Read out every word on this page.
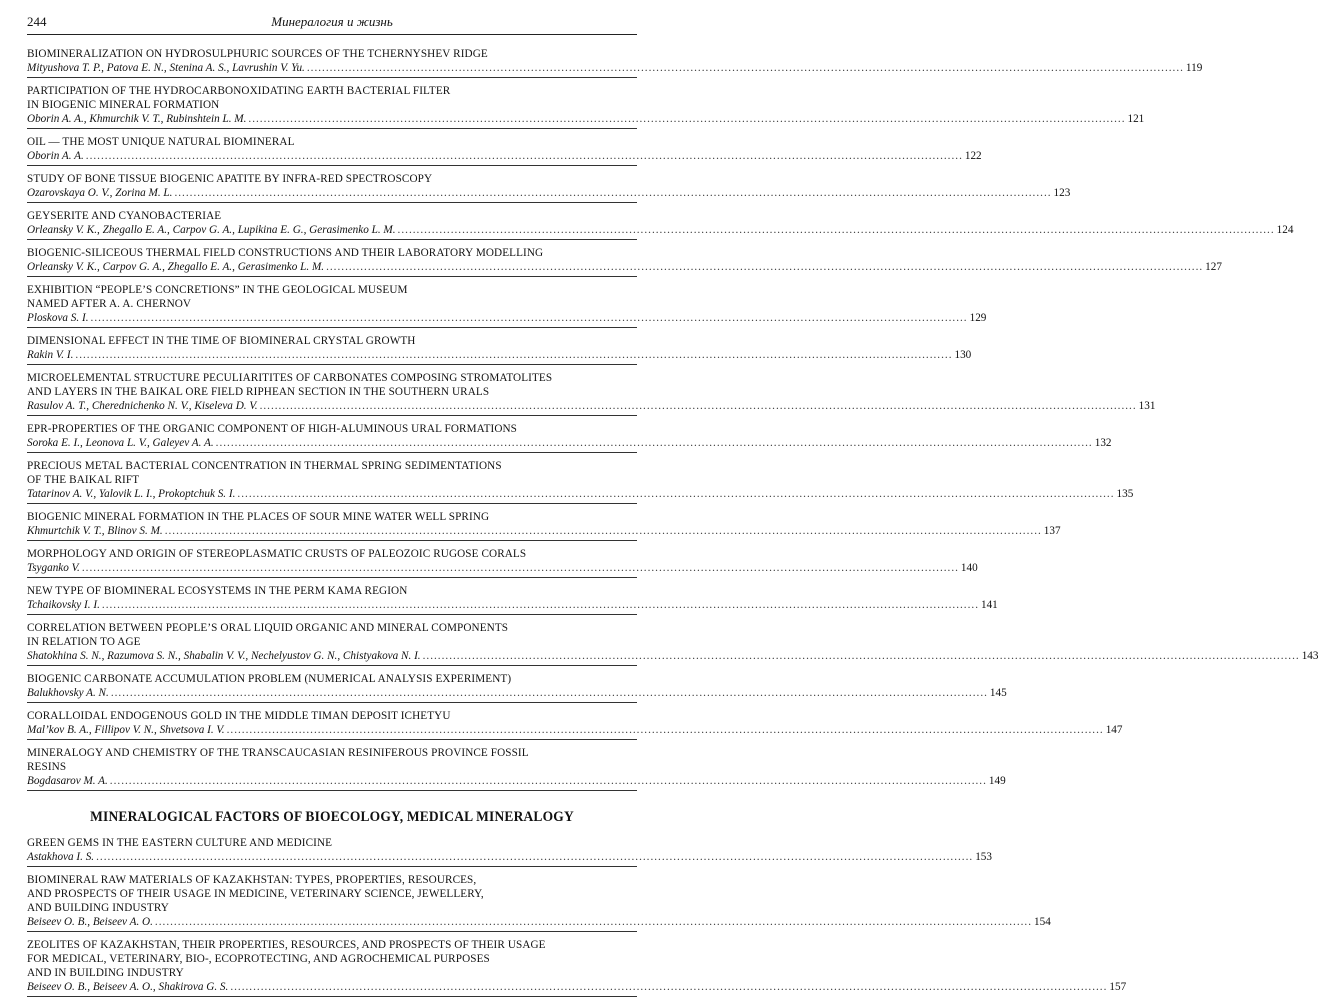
244	Минералогия и жизнь
BIOMINERALIZATION ON HYDROSULPHURIC SOURCES OF THE TCHERNYSHEV RIDGE
Mityushova T. P., Patova E. N., Stenina A. S., Lavrushin V. Yu. .....	119
PARTICIPATION OF THE HYDROCARBONOXIDATING EARTH BACTERIAL FILTER
IN BIOGENIC MINERAL FORMATION
Oborin A. A., Khmurchik V. T., Rubinshtein L. M. .....	121
OIL — THE MOST UNIQUE NATURAL BIOMINERAL
Oborin A. A. .....	122
STUDY OF BONE TISSUE BIOGENIC APATITE BY INFRA-RED SPECTROSCOPY
Ozarovskaya O. V., Zorina M. L. .....	123
GEYSERITE AND CYANOBACTERIAE
Orleansky V. K., Zhegallo E. A., Carpov G. A., Lupikina E. G., Gerasimenko L. M. .....	124
BIOGENIC-SILICEOUS THERMAL FIELD CONSTRUCTIONS AND THEIR LABORATORY MODELLING
Orleansky V. K., Carpov G. A., Zhegallo E. A., Gerasimenko L. M. .....	127
EXHIBITION “PEOPLE’S CONCRETIONS” IN THE GEOLOGICAL MUSEUM
NAMED AFTER A. A. CHERNOV
Ploskova S. I. .....	129
DIMENSIONAL EFFECT IN THE TIME OF BIOMINERAL CRYSTAL GROWTH
Rakin V. I. .....	130
MICROELEMENTAL STRUCTURE PECULIARITITES OF CARBONATES COMPOSING STROMATOLITES
AND LAYERS IN THE BAIKAL ORE FIELD RIPHEAN SECTION IN THE SOUTHERN URALS
Rasulov A. T., Cherednichenko N. V., Kiseleva D. V. .....	131
EPR-PROPERTIES OF THE ORGANIC COMPONENT OF HIGH-ALUMINOUS URAL FORMATIONS
Soroka E. I., Leonova L. V., Galeyev A. A. .....	132
PRECIOUS METAL BACTERIAL CONCENTRATION IN THERMAL SPRING SEDIMENTATIONS
OF THE BAIKAL RIFT
Tatarinov A. V., Yalovik L. I., Prokoptchuk S. I. .....	135
BIOGENIC MINERAL FORMATION IN THE PLACES OF SOUR MINE WATER WELL SPRING
Khmurtchik V. T., Blinov S. M. .....	137
MORPHOLOGY AND ORIGIN OF STEREOPLASMATIC CRUSTS OF PALEOZOIC RUGOSE CORALS
Tsyganko V. .....	140
NEW TYPE OF BIOMINERAL ECOSYSTEMS IN THE PERM KAMA REGION
Tchaikovsky I. I. .....	141
CORRELATION BETWEEN PEOPLE’S ORAL LIQUID ORGANIC AND MINERAL COMPONENTS
IN RELATION TO AGE
Shatokhina S. N., Razumova S. N., Shabalin V. V., Nechelyustov G. N., Chistyakova N. I. .....	143
BIOGENIC CARBONATE ACCUMULATION PROBLEM (NUMERICAL ANALYSIS EXPERIMENT)
Balukhovsky A. N. .....	145
CORALLOIDAL ENDOGENOUS GOLD IN THE MIDDLE TIMAN DEPOSIT ICHETYU
Mal’kov B. A., Fillipov V. N., Shvetsova I. V. .....	147
MINERALOGY AND CHEMISTRY OF THE TRANSCAUCASIAN RESINIFEROUS PROVINCE FOSSIL
RESINS
Bogdasarov M. A. .....	149
MINERALOGICAL FACTORS OF BIOECOLOGY, MEDICAL MINERALOGY
GREEN GEMS IN THE EASTERN CULTURE AND MEDICINE
Astakhova I. S. .....	153
BIOMINERAL RAW MATERIALS OF KAZAKHSTAN: TYPES, PROPERTIES, RESOURCES,
AND PROSPECTS OF THEIR USAGE IN MEDICINE, VETERINARY SCIENCE, JEWELLERY,
AND BUILDING INDUSTRY
Beiseev O. B., Beiseev A. O. .....	154
ZEOLITES OF KAZAKHSTAN, THEIR PROPERTIES, RESOURCES, AND PROSPECTS OF THEIR USAGE
FOR MEDICAL, VETERINARY, BIO-, ECOPROTECTING, AND AGROCHEMICAL PURPOSES
AND IN BUILDING INDUSTRY
Beiseev O. B., Beiseev A. O., Shakirova G. S. .....	157
